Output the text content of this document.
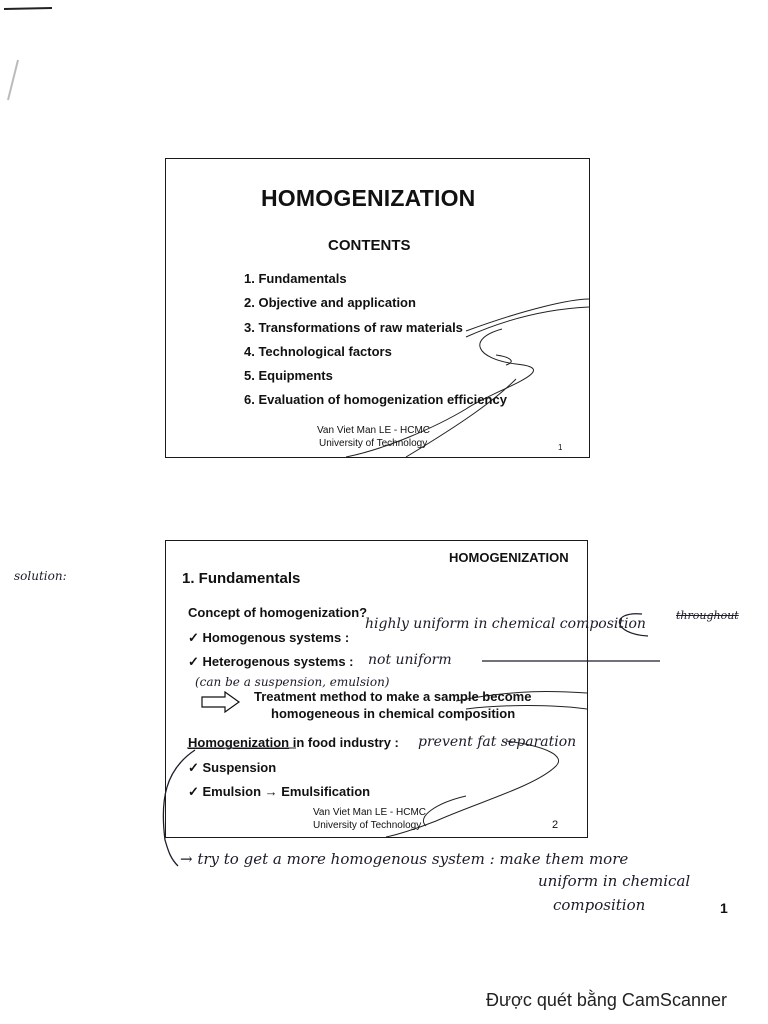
HOMOGENIZATION
CONTENTS
1. Fundamentals
2. Objective and application
3. Transformations of raw materials
4. Technological factors
5. Equipments
6. Evaluation of homogenization efficiency
Van Viet Man LE - HCMC
University of Technology	1
HOMOGENIZATION
1. Fundamentals
Concept of homogenization?
✓ Homogenous systems :
✓ Heterogenous systems :
Treatment method to make a sample become
homogeneous in chemical composition
Homogenization in food industry :
✓ Suspension
✓ Emulsion → Emulsification
Van Viet Man LE - HCMC
University of Technology	2
solution:
highly uniform in chemical composition
throughout
not uniform
(can be a suspension, emulsion)
prevent fat separation
→ try to get a more homogenous system : make them more
uniform in chemical
composition	1
Được quét bằng CamScanner
